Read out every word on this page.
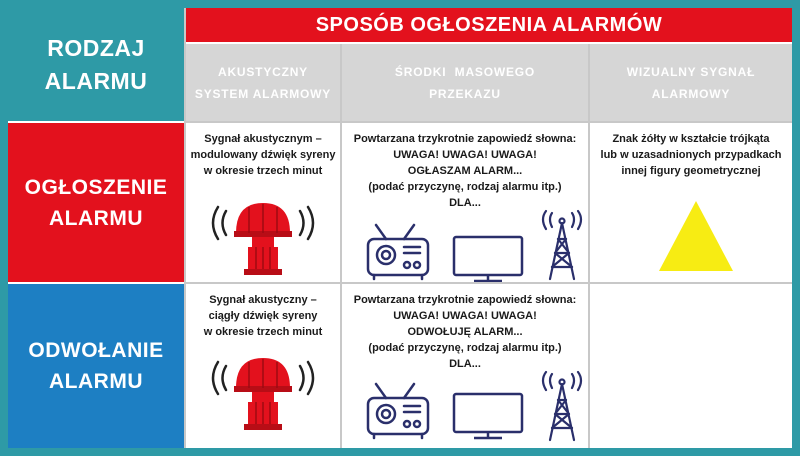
RODZAJ
ALARMU
SPOSÓB OGŁOSZENIA ALARMÓW
AKUSTYCZNY
SYSTEM ALARMOWY
ŚRODKI  MASOWEGO
PRZEKAZU
WIZUALNY SYGNAŁ
ALARMOWY
OGŁOSZENIE
ALARMU
Sygnał akustycznym –
modulowany dźwięk syreny
w okresie trzech minut
Powtarzana trzykrotnie zapowiedź słowna:
UWAGA! UWAGA! UWAGA!
OGŁASZAM ALARM...
(podać przyczynę, rodzaj alarmu itp.)
DLA...
Znak żółty w kształcie trójkąta
lub w uzasadnionych przypadkach
innej figury geometrycznej
ODWOŁANIE
ALARMU
Sygnał akustyczny –
ciągły dźwięk syreny
w okresie trzech minut
Powtarzana trzykrotnie zapowiedź słowna:
UWAGA! UWAGA! UWAGA!
ODWOŁUJĘ ALARM...
(podać przyczynę, rodzaj alarmu itp.)
DLA...
